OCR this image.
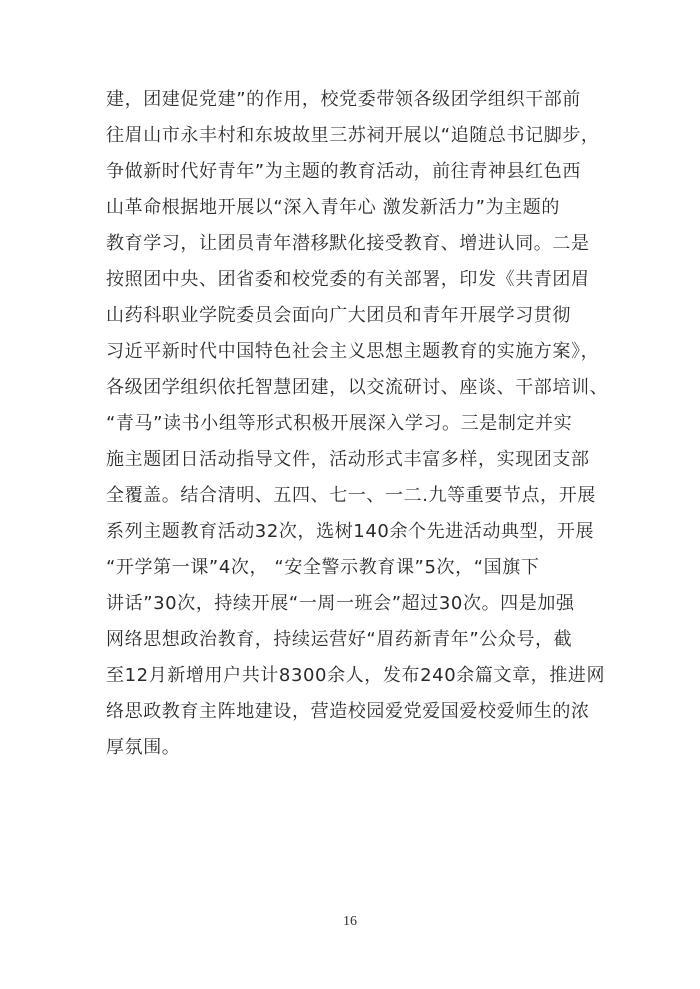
建，团建促党建”的作用，校党委带领各级团学组织干部前
往眉山市永丰村和东坡故里三苏祠开展以“追随总书记脚步，
争做新时代好青年”为主题的教育活动，前往青神县红色西
山革命根据地开展以“深入青年心 激发新活力”为主题的
教育学习，让团员青年潜移默化接受教育、增进认同。二是
按照团中央、团省委和校党委的有关部署，印发《共青团眉
山药科职业学院委员会面向广大团员和青年开展学习贯彻
习近平新时代中国特色社会主义思想主题教育的实施方案》，
各级团学组织依托智慧团建，以交流研讨、座谈、干部培训、
“青马”读书小组等形式积极开展深入学习。三是制定并实
施主题团日活动指导文件，活动形式丰富多样，实现团支部
全覆盖。结合清明、五四、七一、一二.九等重要节点，开展
系列主题教育活动32次，选树140余个先进活动典型，开展
“开学第一课”4次， “安全警示教育课”5次，“国旗下
讲话”30次，持续开展“一周一班会”超过30次。四是加强
网络思想政治教育，持续运营好“眉药新青年”公众号，截
至12月新增用户共计8300余人，发布240余篇文章，推进网
络思政教育主阵地建设，营造校园爱党爱国爱校爱师生的浓
厚氛围。
16
